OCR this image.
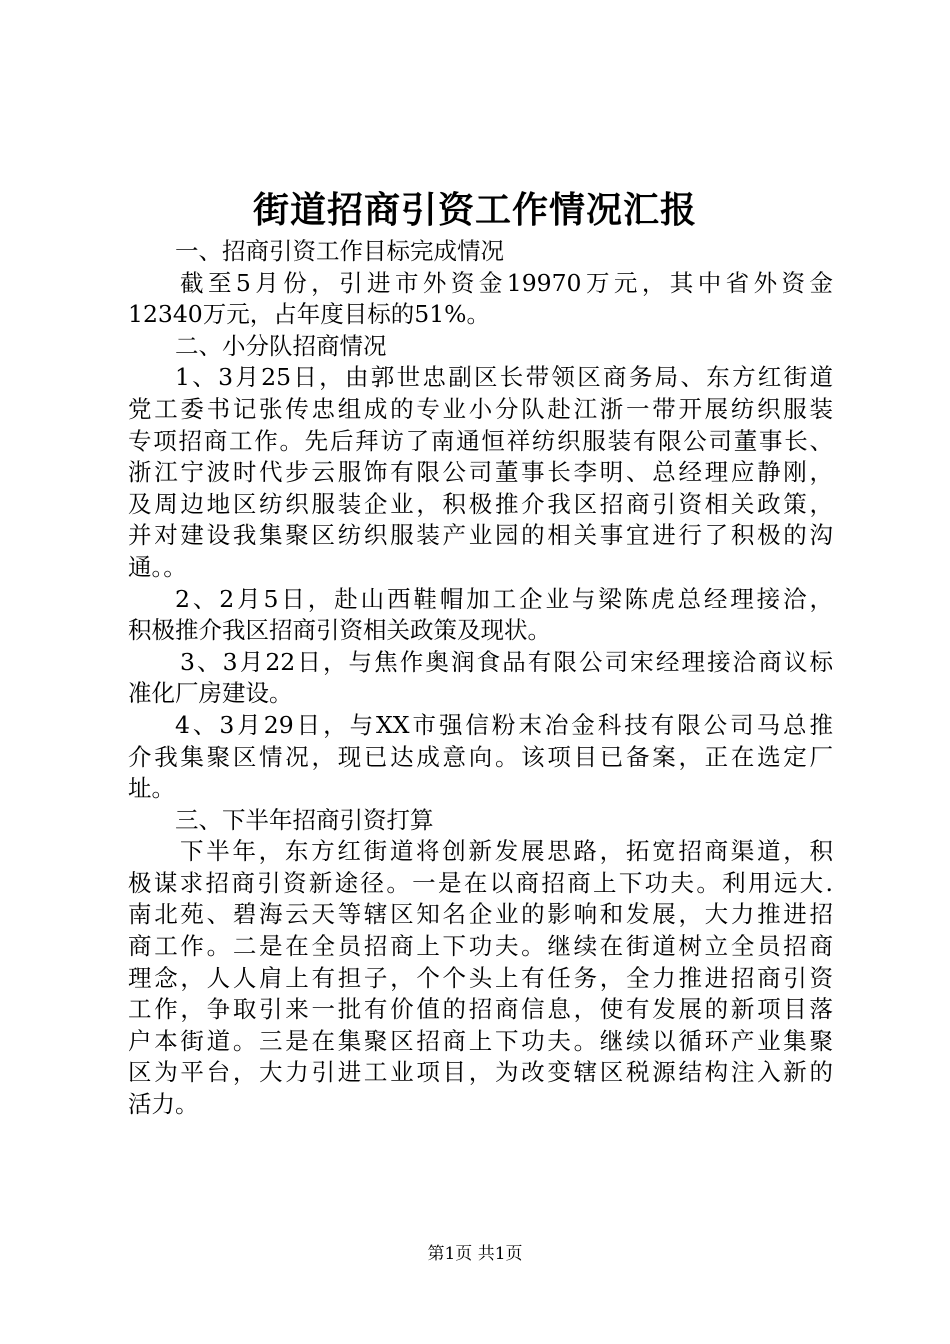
街道招商引资工作情况汇报
一、招商引资工作目标完成情况
截至5月份，引进市外资金19970万元，其中省外资金
12340万元，占年度目标的51%。
二、小分队招商情况
1、3月25日，由郭世忠副区长带领区商务局、东方红街道
党工委书记张传忠组成的专业小分队赴江浙一带开展纺织服装
专项招商工作。先后拜访了南通恒祥纺织服装有限公司董事长、
浙江宁波时代步云服饰有限公司董事长李明、总经理应静刚，
及周边地区纺织服装企业，积极推介我区招商引资相关政策，
并对建设我集聚区纺织服装产业园的相关事宜进行了积极的沟
通。。
2、2月5日，赴山西鞋帽加工企业与梁陈虎总经理接洽，
积极推介我区招商引资相关政策及现状。
3、3月22日，与焦作奥润食品有限公司宋经理接洽商议标
准化厂房建设。
4、3月29日，与XX市强信粉末冶金科技有限公司马总推
介我集聚区情况，现已达成意向。该项目已备案，正在选定厂
址。
三、下半年招商引资打算
下半年，东方红街道将创新发展思路，拓宽招商渠道，积
极谋求招商引资新途径。一是在以商招商上下功夫。利用远大.
南北苑、碧海云天等辖区知名企业的影响和发展，大力推进招
商工作。二是在全员招商上下功夫。继续在街道树立全员招商
理念，人人肩上有担子，个个头上有任务，全力推进招商引资
工作，争取引来一批有价值的招商信息，使有发展的新项目落
户本街道。三是在集聚区招商上下功夫。继续以循环产业集聚
区为平台，大力引进工业项目，为改变辖区税源结构注入新的
活力。
第1页 共1页
